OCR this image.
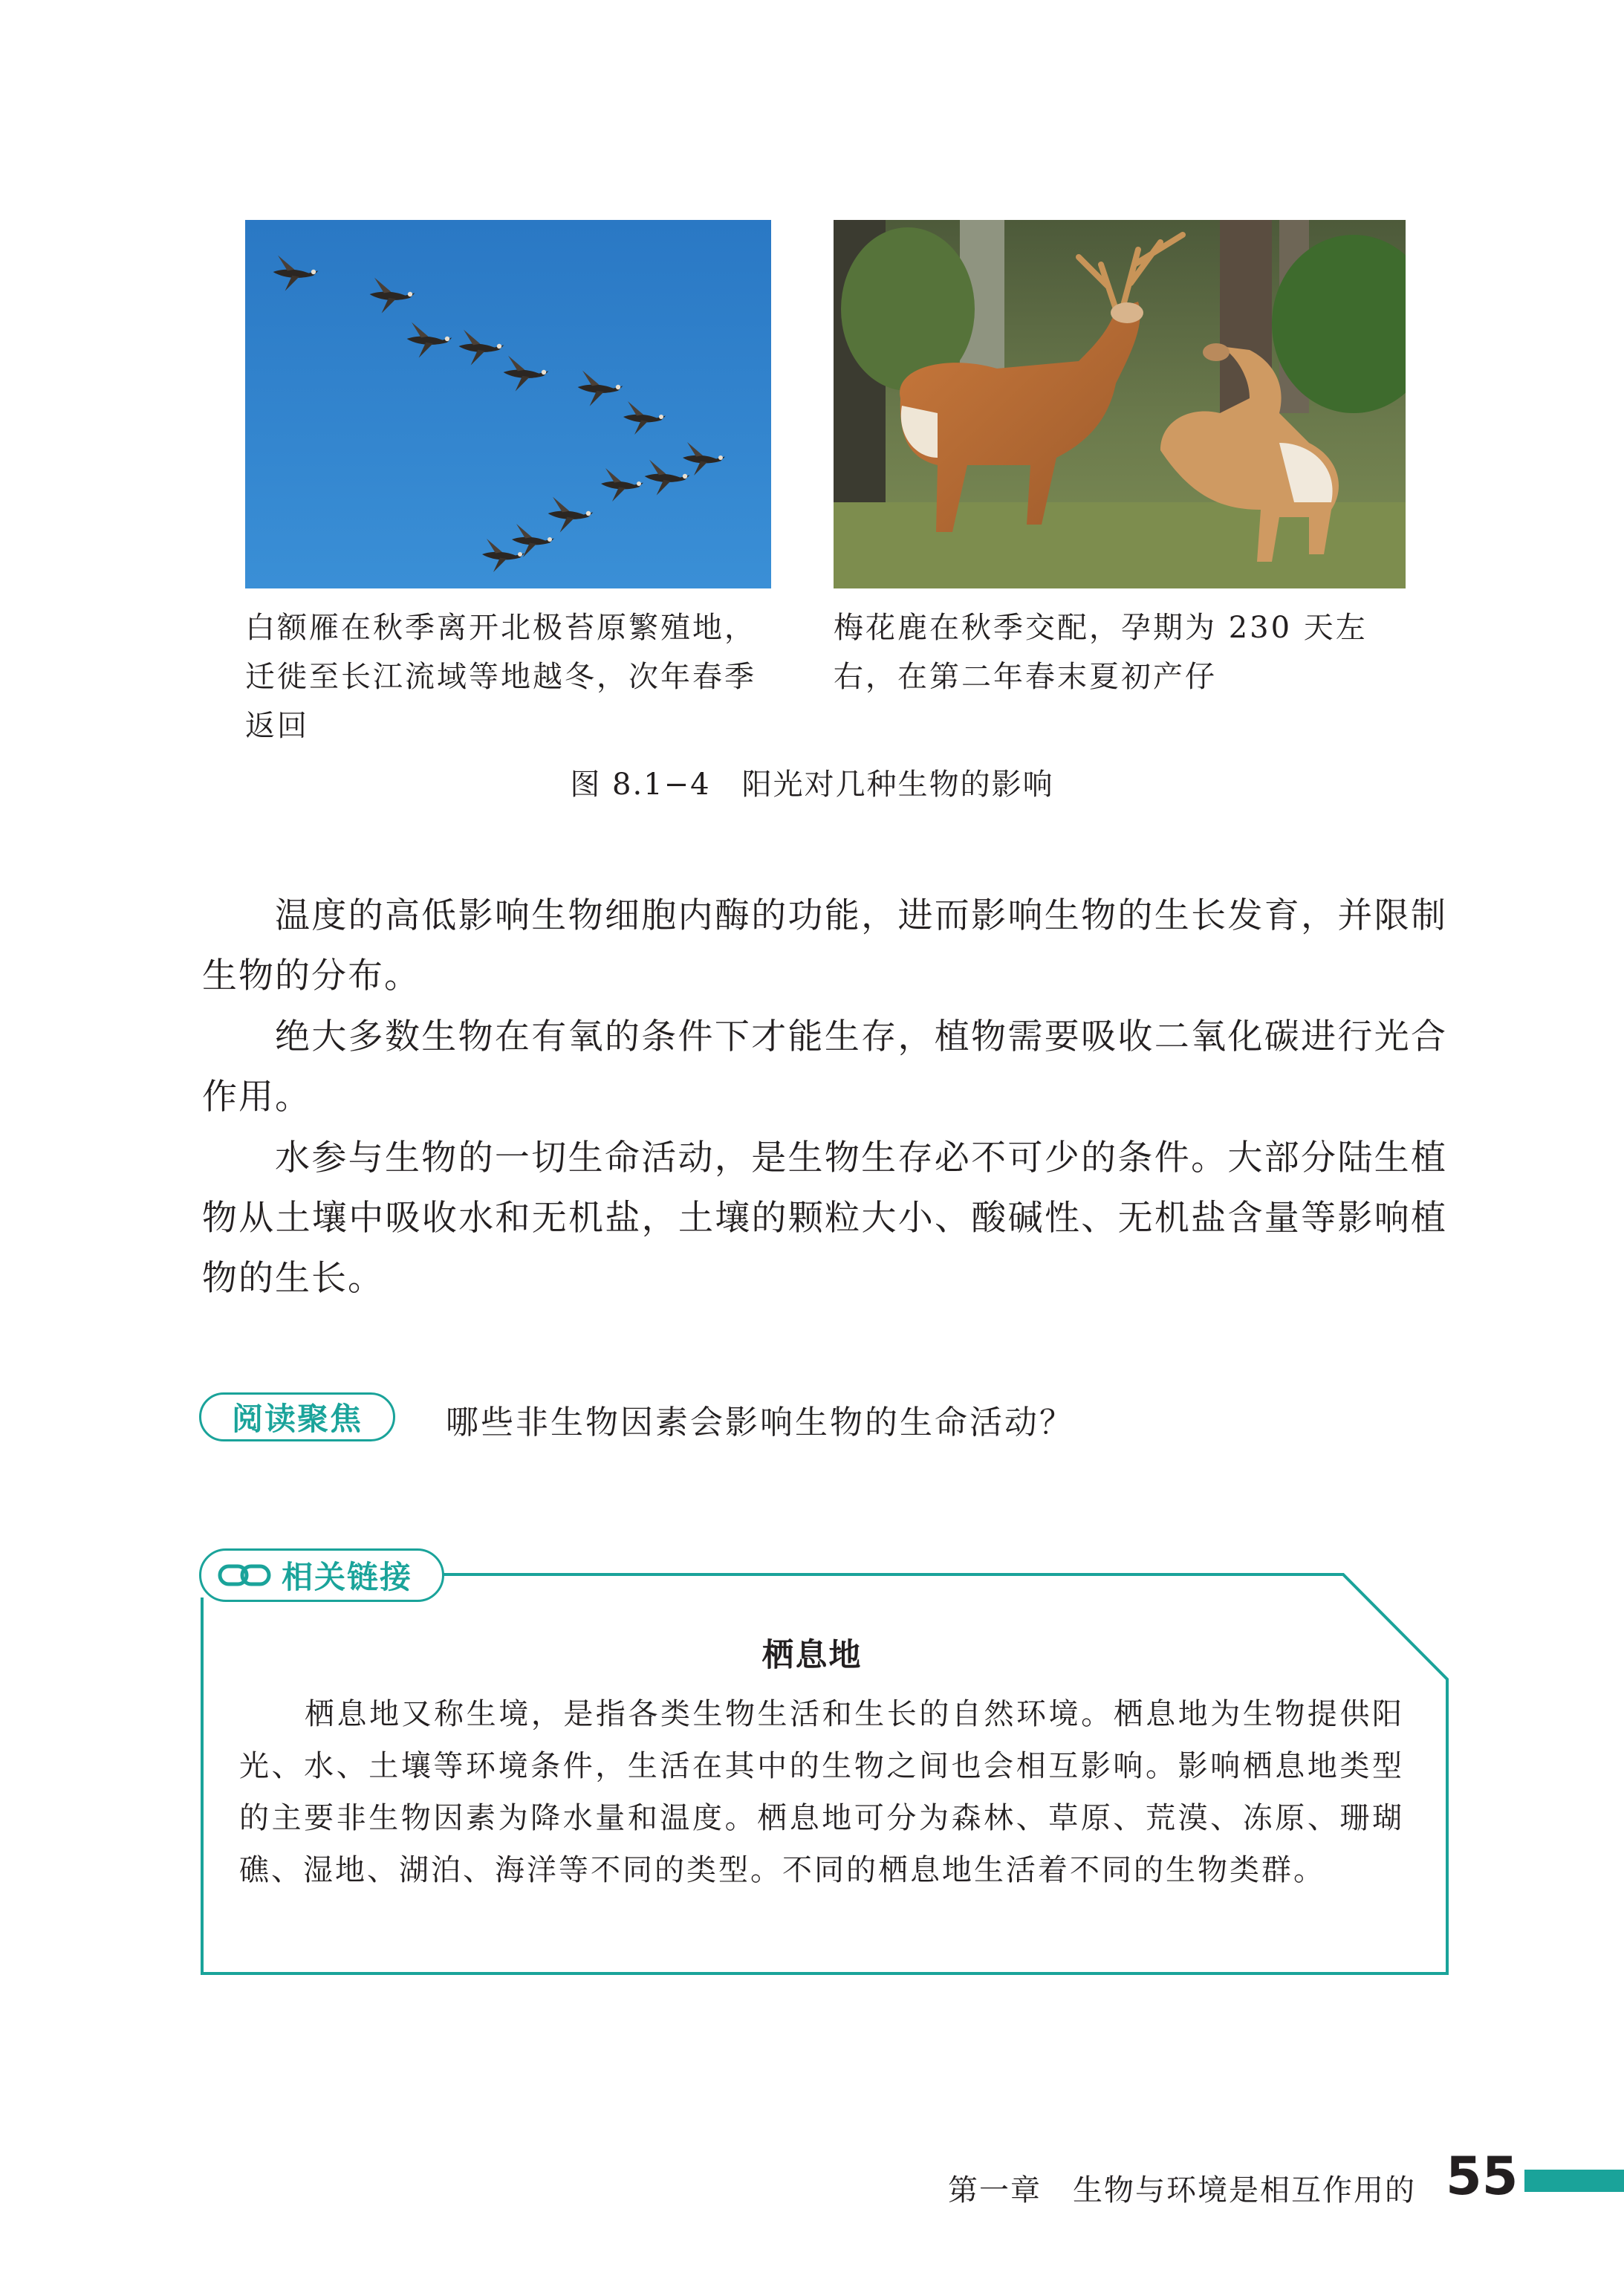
白额雁在秋季离开北极苔原繁殖地，迁徙至长江流域等地越冬，次年春季返回
梅花鹿在秋季交配，孕期为 230 天左右，在第二年春末夏初产仔
图 8.1−4　阳光对几种生物的影响

温度的高低影响生物细胞内酶的功能，进而影响生物的生长发育，并限制生物的分布。

绝大多数生物在有氧的条件下才能生存，植物需要吸收二氧化碳进行光合作用。

水参与生物的一切生命活动，是生物生存必不可少的条件。大部分陆生植物从土壤中吸收水和无机盐，土壤的颗粒大小、酸碱性、无机盐含量等影响植物的生长。

阅读聚焦	哪些非生物因素会影响生物的生命活动？
相关链接
栖息地

栖息地又称生境，是指各类生物生活和生长的自然环境。栖息地为生物提供阳光、水、土壤等环境条件，生活在其中的生物之间也会相互影响。影响栖息地类型的主要非生物因素为降水量和温度。栖息地可分为森林、草原、荒漠、冻原、珊瑚礁、湿地、湖泊、海洋等不同的类型。不同的栖息地生活着不同的生物类群。

第一章　生物与环境是相互作用的 55
